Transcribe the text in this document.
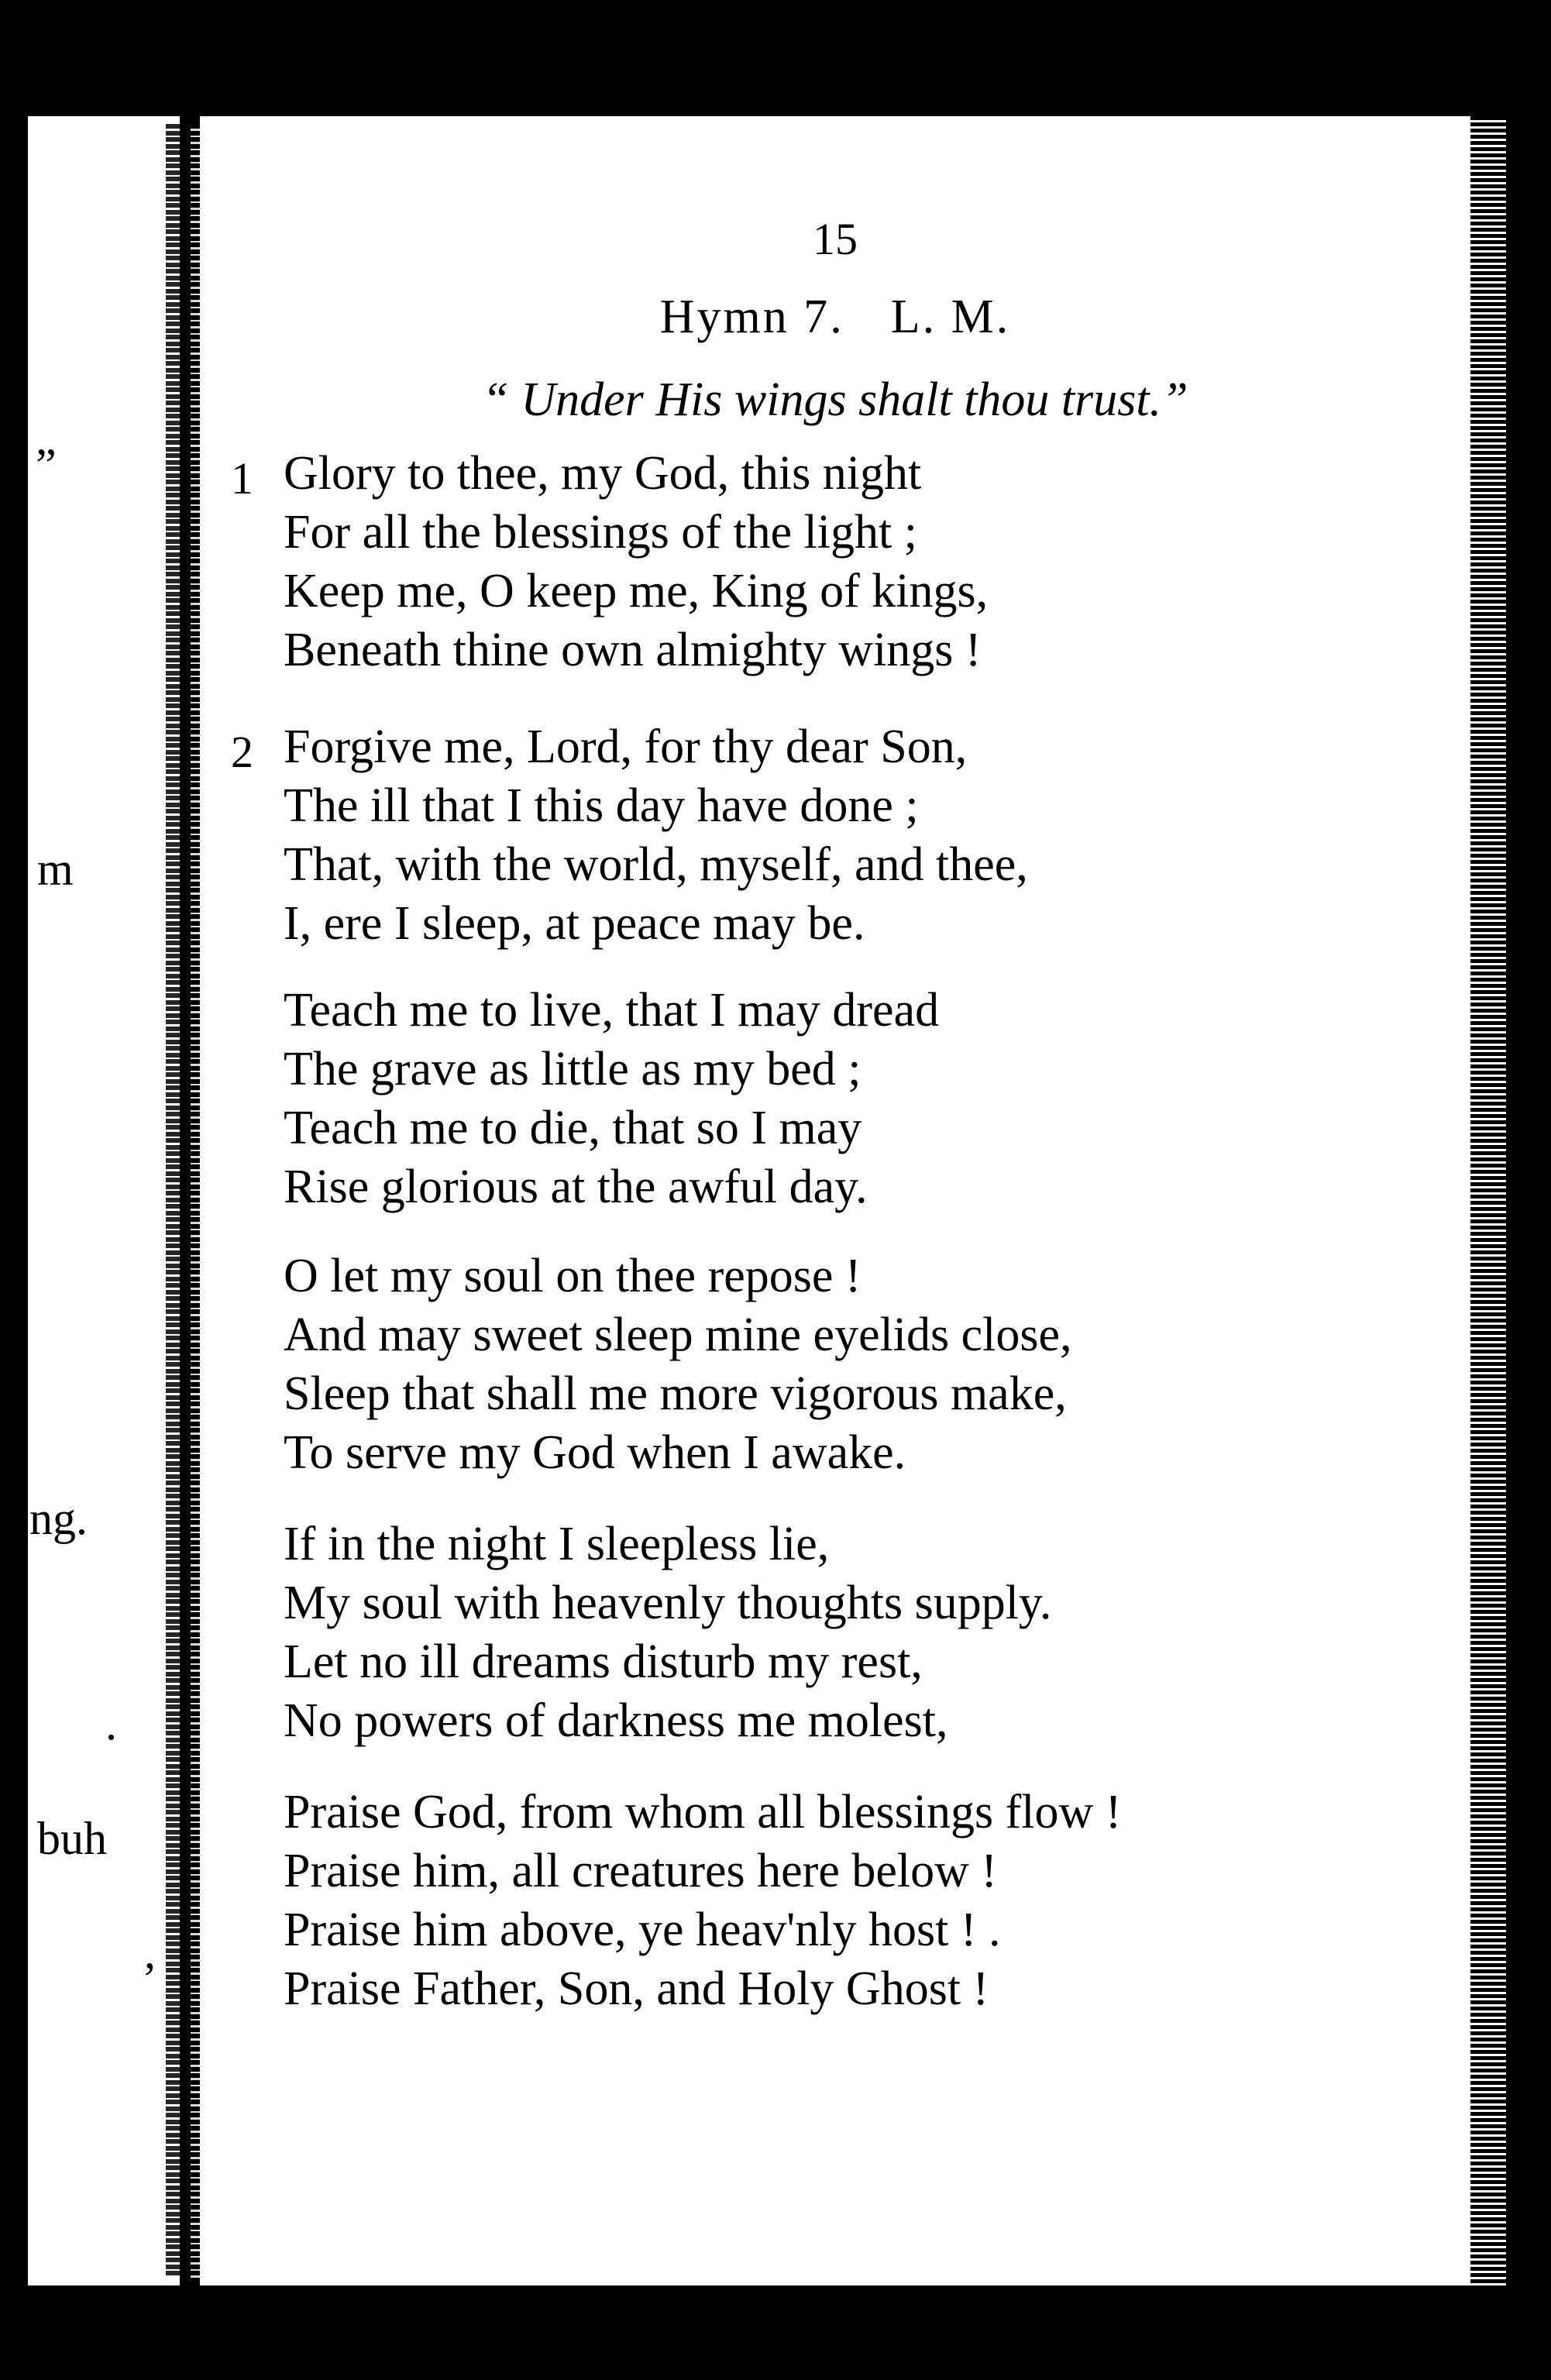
”
m
ng.
.
buh
,
15
Hymn 7. L. M.
“ Under His wings shalt thou trust.”
1 Glory to thee, my God, this night
For all the blessings of the light ;
Keep me, O keep me, King of kings,
Beneath thine own almighty wings !
2 Forgive me, Lord, for thy dear Son,
The ill that I this day have done ;
That, with the world, myself, and thee,
I, ere I sleep, at peace may be.
Teach me to live, that I may dread
The grave as little as my bed ;
Teach me to die, that so I may
Rise glorious at the awful day.
O let my soul on thee repose !
And may sweet sleep mine eyelids close,
Sleep that shall me more vigorous make,
To serve my God when I awake.
If in the night I sleepless lie,
My soul with heavenly thoughts supply.
Let no ill dreams disturb my rest,
No powers of darkness me molest,
Praise God, from whom all blessings flow !
Praise him, all creatures here below !
Praise him above, ye heav'nly host ! .
Praise Father, Son, and Holy Ghost !
